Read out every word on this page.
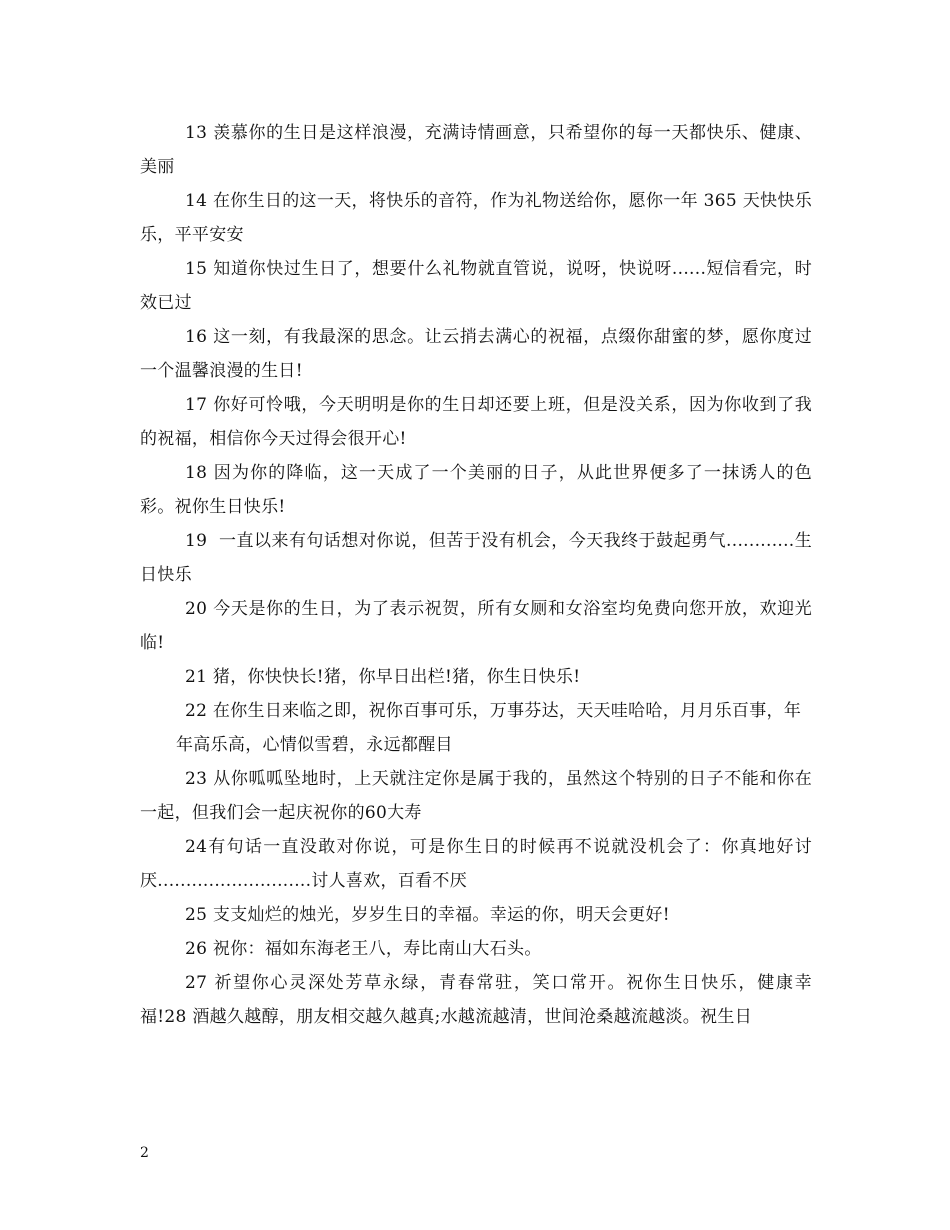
13 羡慕你的生日是这样浪漫，充满诗情画意，只希望你的每一天都快乐、健康、美丽

14 在你生日的这一天，将快乐的音符，作为礼物送给你，愿你一年 365 天快快乐乐，平平安安

15 知道你快过生日了，想要什么礼物就直管说，说呀，快说呀......短信看完，时效已过

16 这一刻，有我最深的思念。让云捎去满心的祝福，点缀你甜蜜的梦，愿你度过一个温馨浪漫的生日!

17 你好可怜哦，今天明明是你的生日却还要上班，但是没关系，因为你收到了我的祝福，相信你今天过得会很开心!

18 因为你的降临，这一天成了一个美丽的日子，从此世界便多了一抹诱人的色彩。祝你生日快乐!

19  一直以来有句话想对你说，但苦于没有机会，今天我终于鼓起勇气............生日快乐

20 今天是你的生日，为了表示祝贺，所有女厕和女浴室均免费向您开放，欢迎光临!

21 猪，你快快长!猪，你早日出栏!猪，你生日快乐!

22 在你生日来临之即，祝你百事可乐，万事芬达，天天哇哈哈，月月乐百事，年

年高乐高，心情似雪碧，永远都醒目

23 从你呱呱坠地时，上天就注定你是属于我的，虽然这个特别的日子不能和你在一起，但我们会一起庆祝你的60大寿

24有句话一直没敢对你说，可是你生日的时候再不说就没机会了：你真地好讨厌...........................讨人喜欢，百看不厌

25 支支灿烂的烛光，岁岁生日的幸福。幸运的你，明天会更好!

26 祝你：福如东海老王八，寿比南山大石头。

27 祈望你心灵深处芳草永绿，青春常驻，笑口常开。祝你生日快乐，健康幸福!28 酒越久越醇，朋友相交越久越真;水越流越清，世间沧桑越流越淡。祝生日

2
